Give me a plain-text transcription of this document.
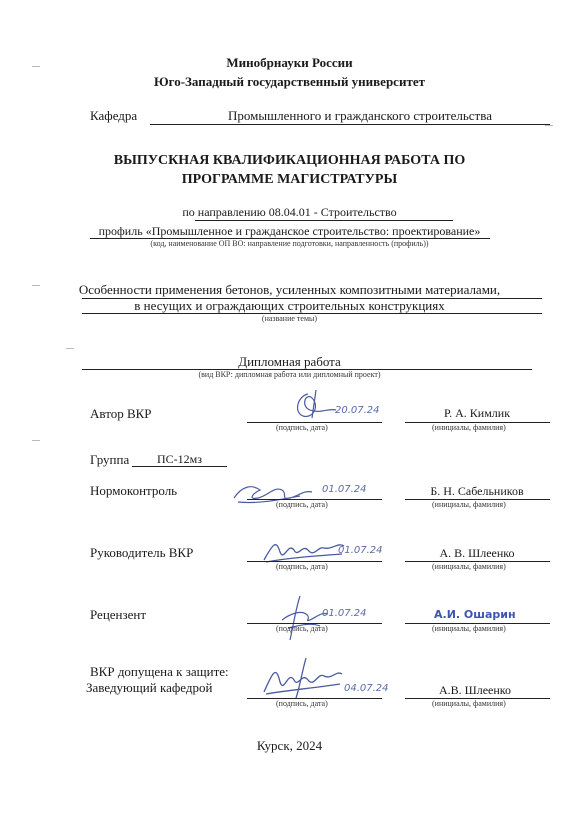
Минобрнауки России
Юго-Западный государственный университет
Кафедра	Промышленного и гражданского строительства
ВЫПУСКНАЯ КВАЛИФИКАЦИОННАЯ РАБОТА ПО
ПРОГРАММЕ МАГИСТРАТУРЫ
по направлению 08.04.01 - Строительство
профиль «Промышленное и гражданское строительство: проектирование»
(код, наименование ОП ВО: направление подготовки, направленность (профиль))
Особенности применения бетонов, усиленных композитными материалами,
в несущих и ограждающих строительных конструкциях
(название темы)
Дипломная работа
(вид ВКР: дипломная работа или дипломный проект)
Автор ВКР	20.07.24
(подпись, дата)
Р. А. Кимлик
(инициалы, фамилия)
Группа ПС-12мз
Нормоконтроль	01.07.24
(подпись, дата)
Б. Н. Сабельников
(инициалы, фамилия)
Руководитель ВКР	01.07.24
(подпись, дата)
А. В. Шлеенко
(инициалы, фамилия)
Рецензент	01.07.24
(подпись, дата)
А.И. Ошарин
(инициалы, фамилия)
ВКР допущена к защите:
Заведующий кафедрой	04.07.24
(подпись, дата)
А.В. Шлеенко
(инициалы, фамилия)
Курск, 2024
